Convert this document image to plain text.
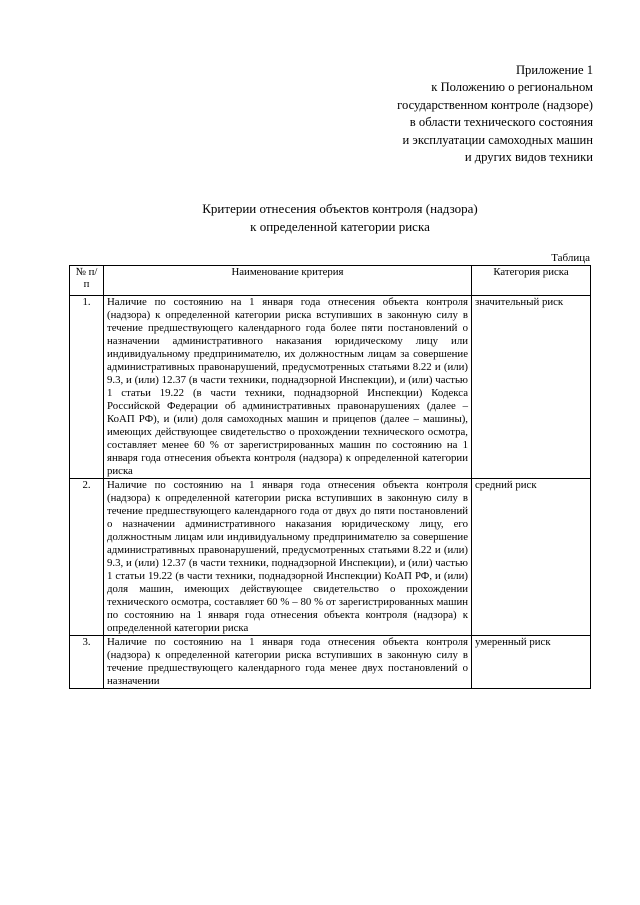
Приложение 1
к Положению о региональном
государственном контроле (надзоре)
в области технического состояния
и эксплуатации самоходных машин
и других видов техники
Критерии отнесения объектов контроля (надзора)
к определенной категории риска
Таблица
№ п/п	Наименование критерия	Категория риска
1.	Наличие по состоянию на 1 января года отнесения объекта контроля (надзора) к определенной категории риска вступивших в законную силу в течение предшествующего календарного года более пяти постановлений о назначении административного наказания юридическому лицу или индивидуальному предпринимателю, их должностным лицам за совершение административных правонарушений, предусмотренных статьями 8.22 и (или) 9.3, и (или) 12.37 (в части техники, поднадзорной Инспекции), и (или) частью 1 статьи 19.22 (в части техники, поднадзорной Инспекции) Кодекса Российской Федерации об административных правонарушениях (далее – КоАП РФ), и (или) доля самоходных машин и прицепов (далее – машины), имеющих действующее свидетельство о прохождении технического осмотра, составляет менее 60 % от зарегистрированных машин по состоянию на 1 января года отнесения объекта контроля (надзора) к определенной категории риска	значительный риск
2.	Наличие по состоянию на 1 января года отнесения объекта контроля (надзора) к определенной категории риска вступивших в законную силу в течение предшествующего календарного года от двух до пяти постановлений о назначении административного наказания юридическому лицу, его должностным лицам или индивидуальному предпринимателю за совершение административных правонарушений, предусмотренных статьями 8.22 и (или) 9.3, и (или) 12.37 (в части техники, поднадзорной Инспекции), и (или) частью 1 статьи 19.22 (в части техники, поднадзорной Инспекции) КоАП РФ, и (или) доля машин, имеющих действующее свидетельство о прохождении технического осмотра, составляет 60 % – 80 % от зарегистрированных машин по состоянию на 1 января года отнесения объекта контроля (надзора) к определенной категории риска	средний риск
3.	Наличие по состоянию на 1 января года отнесения объекта контроля (надзора) к определенной категории риска вступивших в законную силу в течение предшествующего календарного года менее двух постановлений о назначении	умеренный риск
